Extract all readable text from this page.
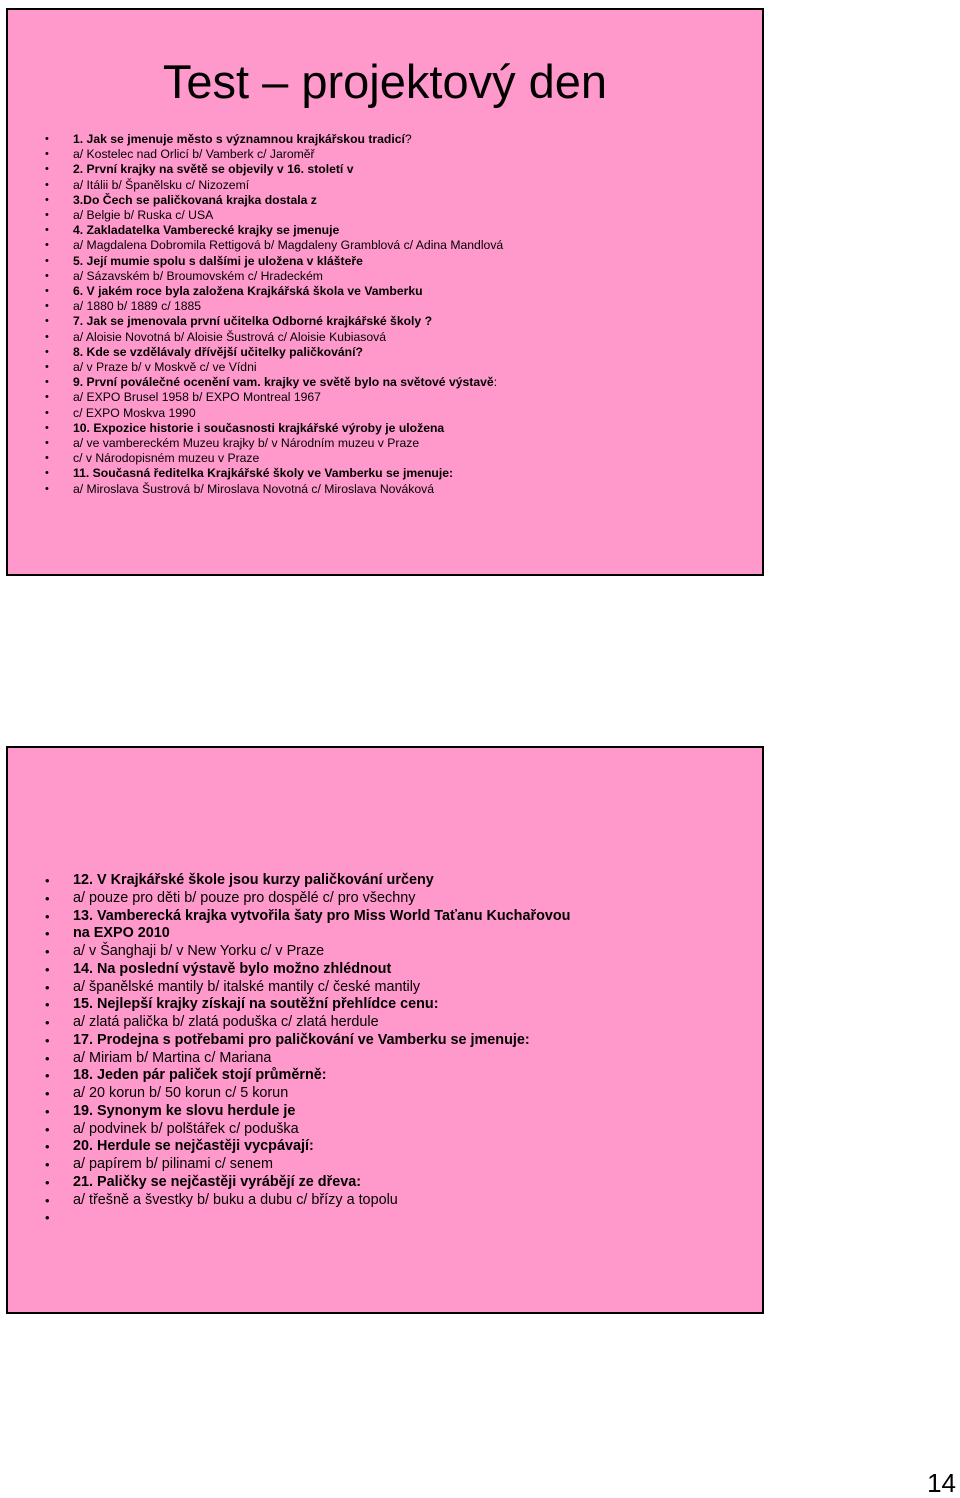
Test – projektový den
• 1. Jak se jmenuje město s významnou krajkářskou tradicí?
• a/ Kostelec nad Orlicí b/ Vamberk c/ Jaroměř
• 2. První krajky na světě se objevily v 16. století v
• a/ Itálii b/ Španělsku c/ Nizozemí
• 3.Do Čech se paličkovaná krajka dostala z
• a/ Belgie b/ Ruska c/ USA
• 4. Zakladatelka Vamberecké krajky se jmenuje
• a/ Magdalena Dobromila Rettigová b/ Magdaleny Gramblová c/ Adina Mandlová
• 5. Její mumie spolu s dalšími je uložena v klášteře
• a/ Sázavském b/ Broumovském c/ Hradeckém
• 6. V jakém roce byla založena Krajkářská škola ve Vamberku
• a/ 1880 b/ 1889 c/ 1885
• 7. Jak se jmenovala první učitelka Odborné krajkářské školy ?
• a/ Aloisie Novotná b/ Aloisie Šustrová c/ Aloisie Kubiasová
• 8. Kde se vzdělávaly dřívější učitelky paličkování?
• a/ v Praze b/ v Moskvě c/ ve Vídni
• 9. První poválečné ocenění vam. krajky ve světě bylo na světové výstavě:
• a/ EXPO Brusel 1958 b/ EXPO Montreal 1967
• c/ EXPO Moskva 1990
• 10. Expozice historie i současnosti krajkářské výroby je uložena
• a/ ve vambereckém Muzeu krajky b/ v Národním muzeu v Praze
• c/ v Národopisném muzeu v Praze
• 11. Současná ředitelka Krajkářské školy ve Vamberku se jmenuje:
• a/ Miroslava Šustrová b/ Miroslava Novotná c/ Miroslava Nováková
• 12. V Krajkářské škole jsou kurzy paličkování určeny
• a/ pouze pro děti b/ pouze pro dospělé c/ pro všechny
• 13. Vamberecká krajka vytvořila šaty pro Miss World Taťanu Kuchařovou
• na EXPO 2010
• a/ v Šanghaji b/ v New Yorku c/ v Praze
• 14. Na poslední výstavě bylo možno zhlédnout
• a/ španělské mantily b/ italské mantily c/ české mantily
• 15. Nejlepší krajky získají na soutěžní přehlídce cenu:
• a/ zlatá palička b/ zlatá poduška c/ zlatá herdule
• 17. Prodejna s potřebami pro paličkování ve Vamberku se jmenuje:
• a/ Miriam b/ Martina c/ Mariana
• 18. Jeden pár paliček stojí průměrně:
• a/ 20 korun b/ 50 korun c/ 5 korun
• 19. Synonym ke slovu herdule je
• a/ podvinek b/ polštářek c/ poduška
• 20. Herdule se nejčastěji vycpávají:
• a/ papírem b/ pilinami c/ senem
• 21. Paličky se nejčastěji vyrábějí ze dřeva:
• a/ třešně a švestky b/ buku a dubu c/ břízy a topolu
•
14
